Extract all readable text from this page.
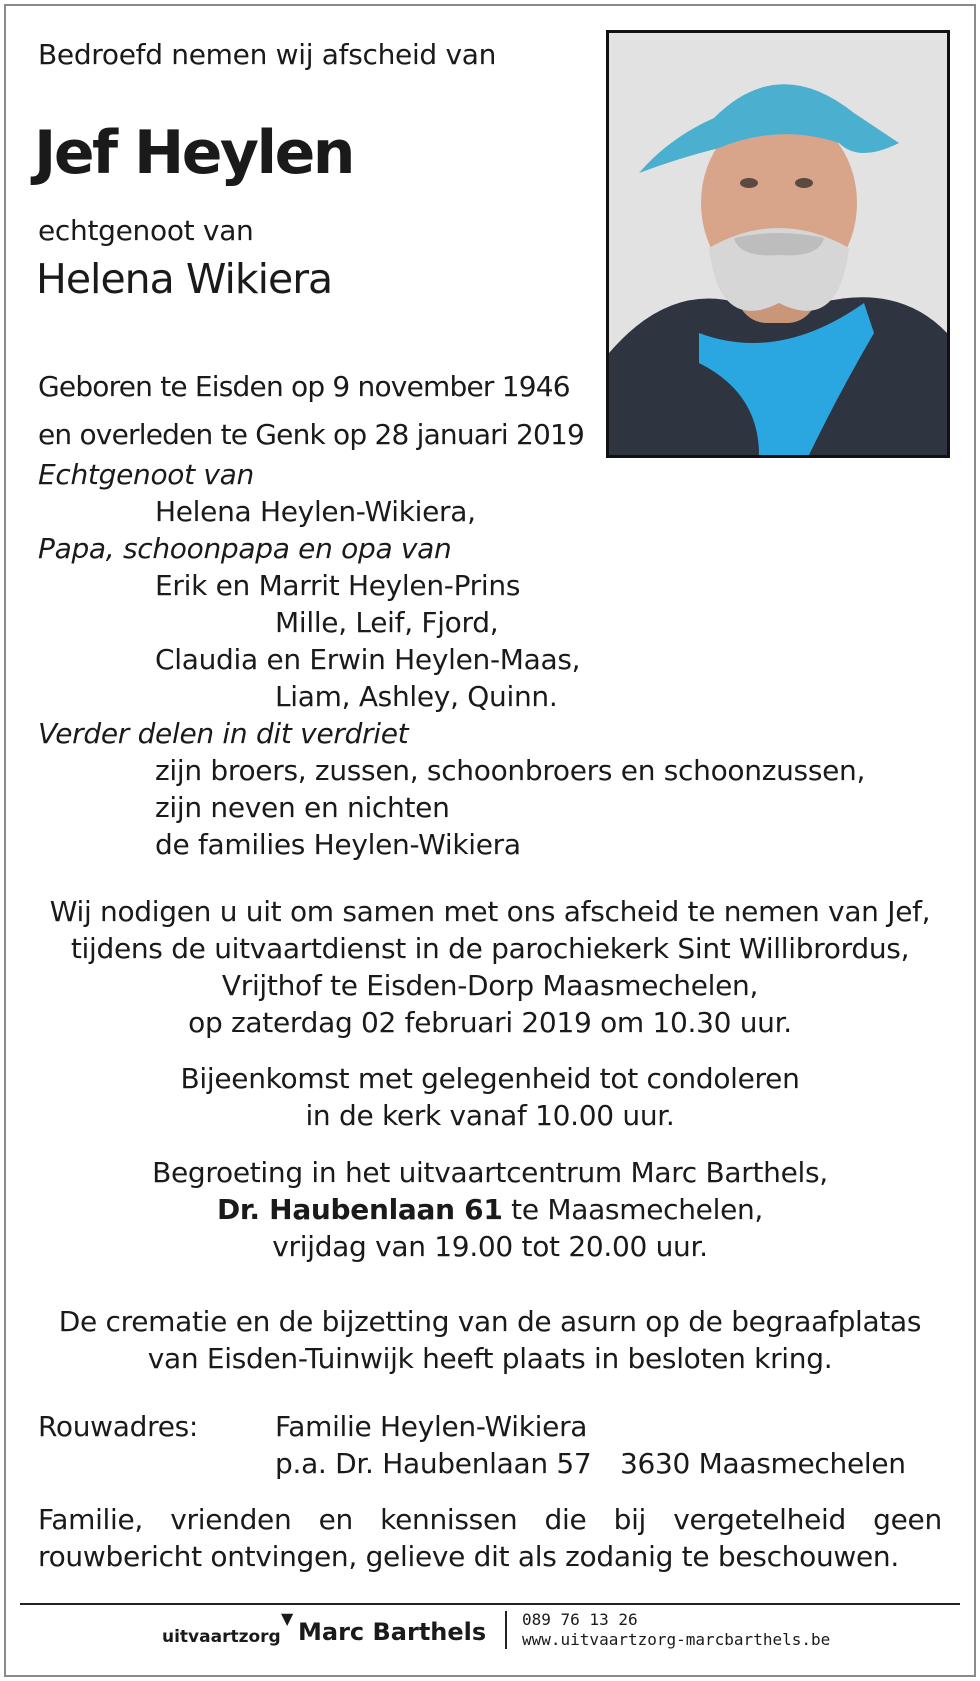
Bedroefd nemen wij afscheid van
Jef Heylen
echtgenoot van
Helena Wikiera
Geboren te Eisden op 9 november 1946
en overleden te Genk op 28 januari 2019
Echtgenoot van
Helena Heylen-Wikiera,
Papa, schoonpapa en opa van
Erik en Marrit Heylen-Prins
Mille, Leif, Fjord,
Claudia en Erwin Heylen-Maas,
Liam, Ashley, Quinn.
Verder delen in dit verdriet
zijn broers, zussen, schoonbroers en schoonzussen,
zijn neven en nichten
de families Heylen-Wikiera
Wij nodigen u uit om samen met ons afscheid te nemen van Jef,
tijdens de uitvaartdienst in de parochiekerk Sint Willibrordus,
Vrijthof te Eisden-Dorp Maasmechelen,
op zaterdag 02 februari 2019 om 10.30 uur.
Bijeenkomst met gelegenheid tot condoleren
in de kerk vanaf 10.00 uur.
Begroeting in het uitvaartcentrum Marc Barthels,
Dr. Haubenlaan 61 te Maasmechelen,
vrijdag van 19.00 tot 20.00 uur.
De crematie en de bijzetting van de asurn op de begraafplatas
van Eisden-Tuinwijk heeft plaats in besloten kring.
Rouwadres:	Familie Heylen-Wikiera
p.a. Dr. Haubenlaan 57 3630 Maasmechelen
Familie, vrienden en kennissen die bij vergetelheid geen
rouwbericht ontvingen, gelieve dit als zodanig te beschouwen.
uitvaartzorg
▼ Marc Barthels 089 76 13 26
www.uitvaartzorg-marcbarthels.be
